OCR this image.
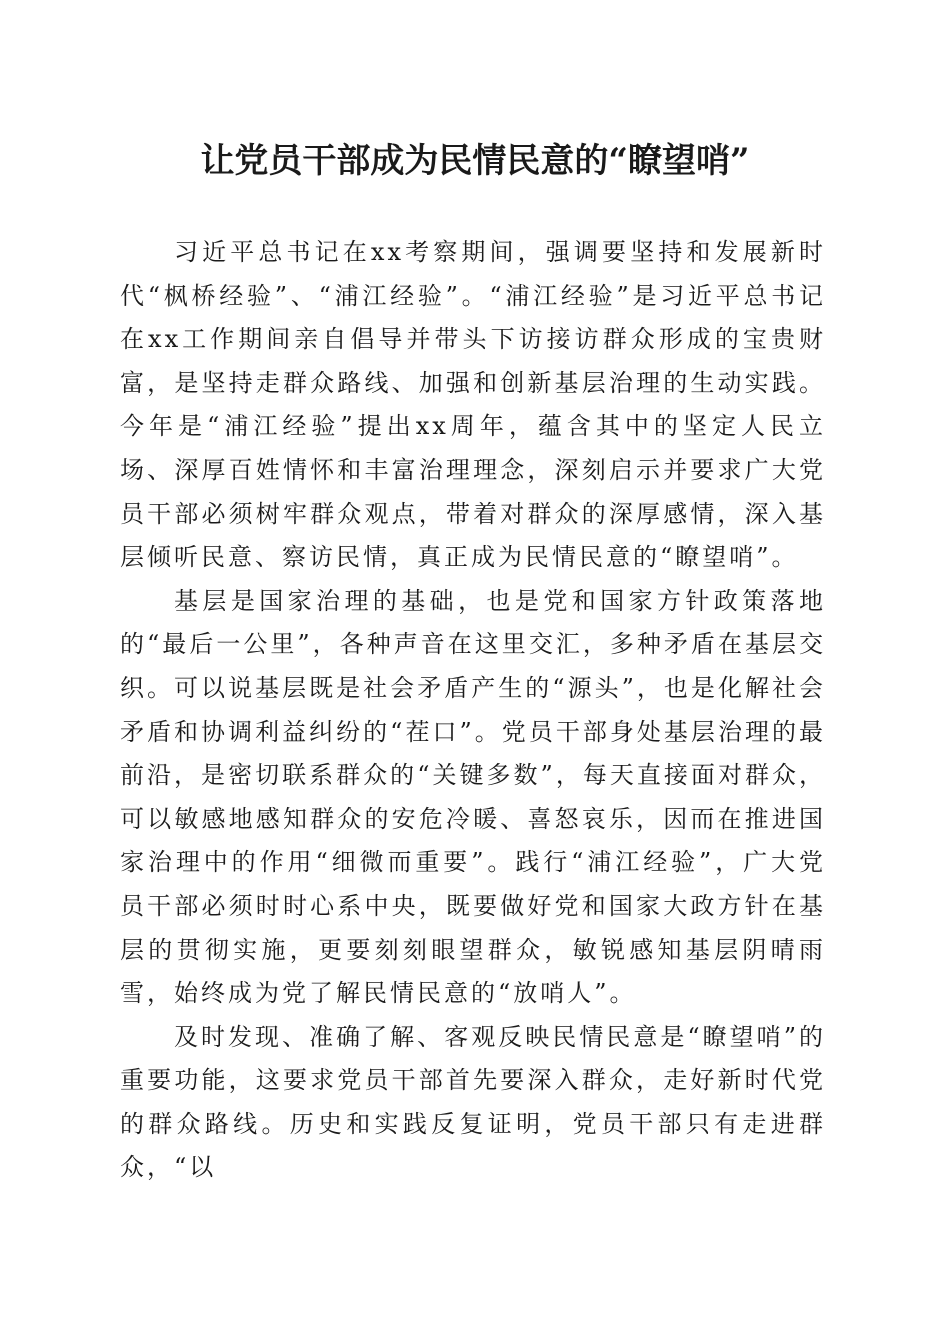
让党员干部成为民情民意的“瞭望哨”

习近平总书记在xx考察期间，强调要坚持和发展新时代“枫桥经验”、“浦江经验”。“浦江经验”是习近平总书记在xx工作期间亲自倡导并带头下访接访群众形成的宝贵财富，是坚持走群众路线、加强和创新基层治理的生动实践。今年是“浦江经验”提出xx周年，蕴含其中的坚定人民立场、深厚百姓情怀和丰富治理理念，深刻启示并要求广大党员干部必须树牢群众观点，带着对群众的深厚感情，深入基层倾听民意、察访民情，真正成为民情民意的“瞭望哨”。

基层是国家治理的基础，也是党和国家方针政策落地的“最后一公里”，各种声音在这里交汇，多种矛盾在基层交织。可以说基层既是社会矛盾产生的“源头”，也是化解社会矛盾和协调利益纠纷的“茬口”。党员干部身处基层治理的最前沿，是密切联系群众的“关键多数”，每天直接面对群众，可以敏感地感知群众的安危冷暖、喜怒哀乐，因而在推进国家治理中的作用“细微而重要”。践行“浦江经验”，广大党员干部必须时时心系中央，既要做好党和国家大政方针在基层的贯彻实施，更要刻刻眼望群众，敏锐感知基层阴晴雨雪，始终成为党了解民情民意的“放哨人”。

及时发现、准确了解、客观反映民情民意是“瞭望哨”的重要功能，这要求党员干部首先要深入群众，走好新时代党的群众路线。历史和实践反复证明，党员干部只有走进群众，“以
